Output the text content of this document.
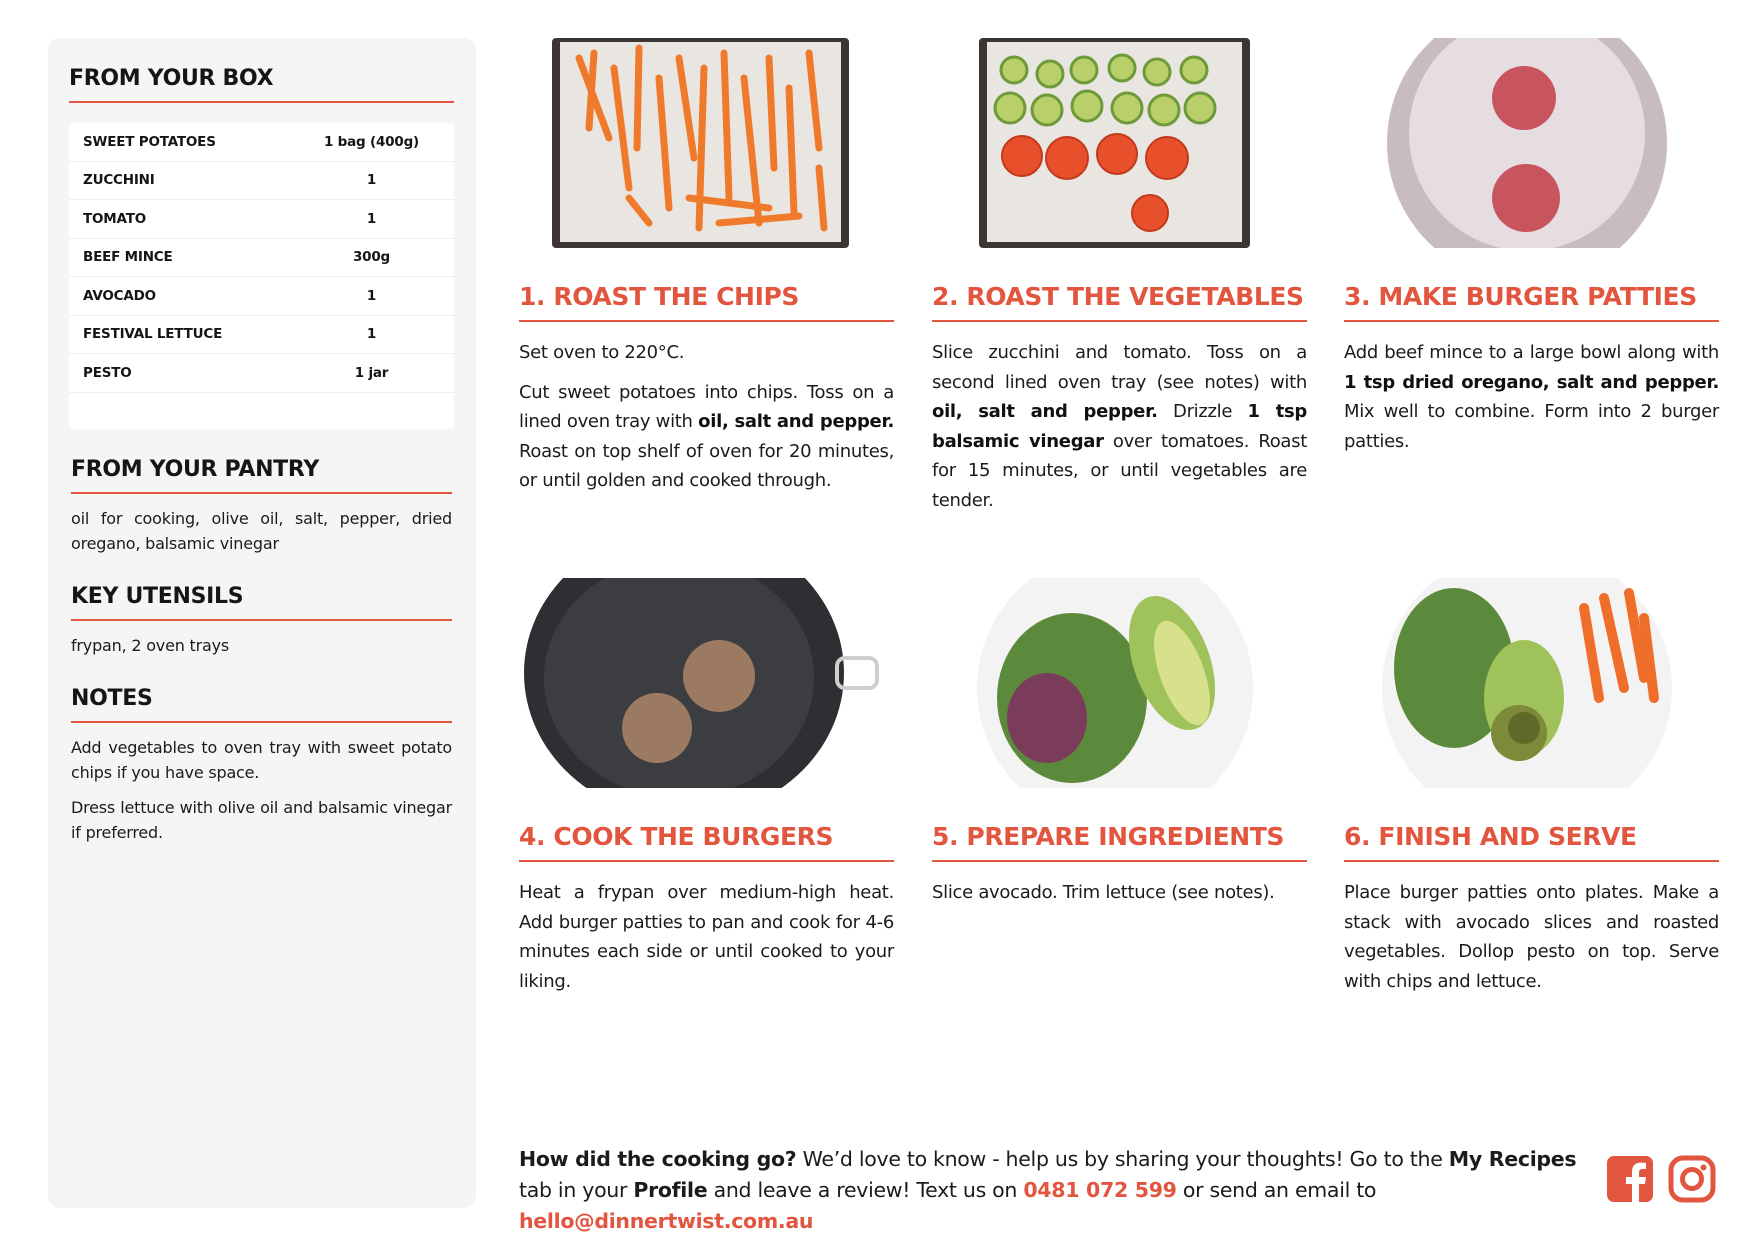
FROM YOUR BOX
SWEET POTATOES	1 bag (400g)
ZUCCHINI	1
TOMATO	1
BEEF MINCE	300g
AVOCADO	1
FESTIVAL LETTUCE	1
PESTO	1 jar
FROM YOUR PANTRY

oil for cooking, olive oil, salt, pepper, dried oregano, balsamic vinegar

KEY UTENSILS

frypan, 2 oven trays

NOTES

Add vegetables to oven tray with sweet potato chips if you have space.

Dress lettuce with olive oil and balsamic vinegar if preferred.

1. ROAST THE CHIPS

Set oven to 220°C.

Cut sweet potatoes into chips. Toss on a lined oven tray with oil, salt and pepper. Roast on top shelf of oven for 20 minutes, or until golden and cooked through.

2. ROAST THE VEGETABLES

Slice zucchini and tomato. Toss on a second lined oven tray (see notes) with oil, salt and pepper. Drizzle 1 tsp balsamic vinegar over tomatoes. Roast for 15 minutes, or until vegetables are tender.

3. MAKE BURGER PATTIES

Add beef mince to a large bowl along with 1 tsp dried oregano, salt and pepper. Mix well to combine. Form into 2 burger patties.

4. COOK THE BURGERS

Heat a frypan over medium-high heat. Add burger patties to pan and cook for 4-6 minutes each side or until cooked to your liking.

5. PREPARE INGREDIENTS

Slice avocado. Trim lettuce (see notes).

6. FINISH AND SERVE

Place burger patties onto plates. Make a stack with avocado slices and roasted vegetables. Dollop pesto on top. Serve with chips and lettuce.

How did the cooking go? We’d love to know - help us by sharing your thoughts! Go to the My Recipes tab in your Profile and leave a review! Text us on 0481 072 599 or send an email to hello@dinnertwist.com.au
